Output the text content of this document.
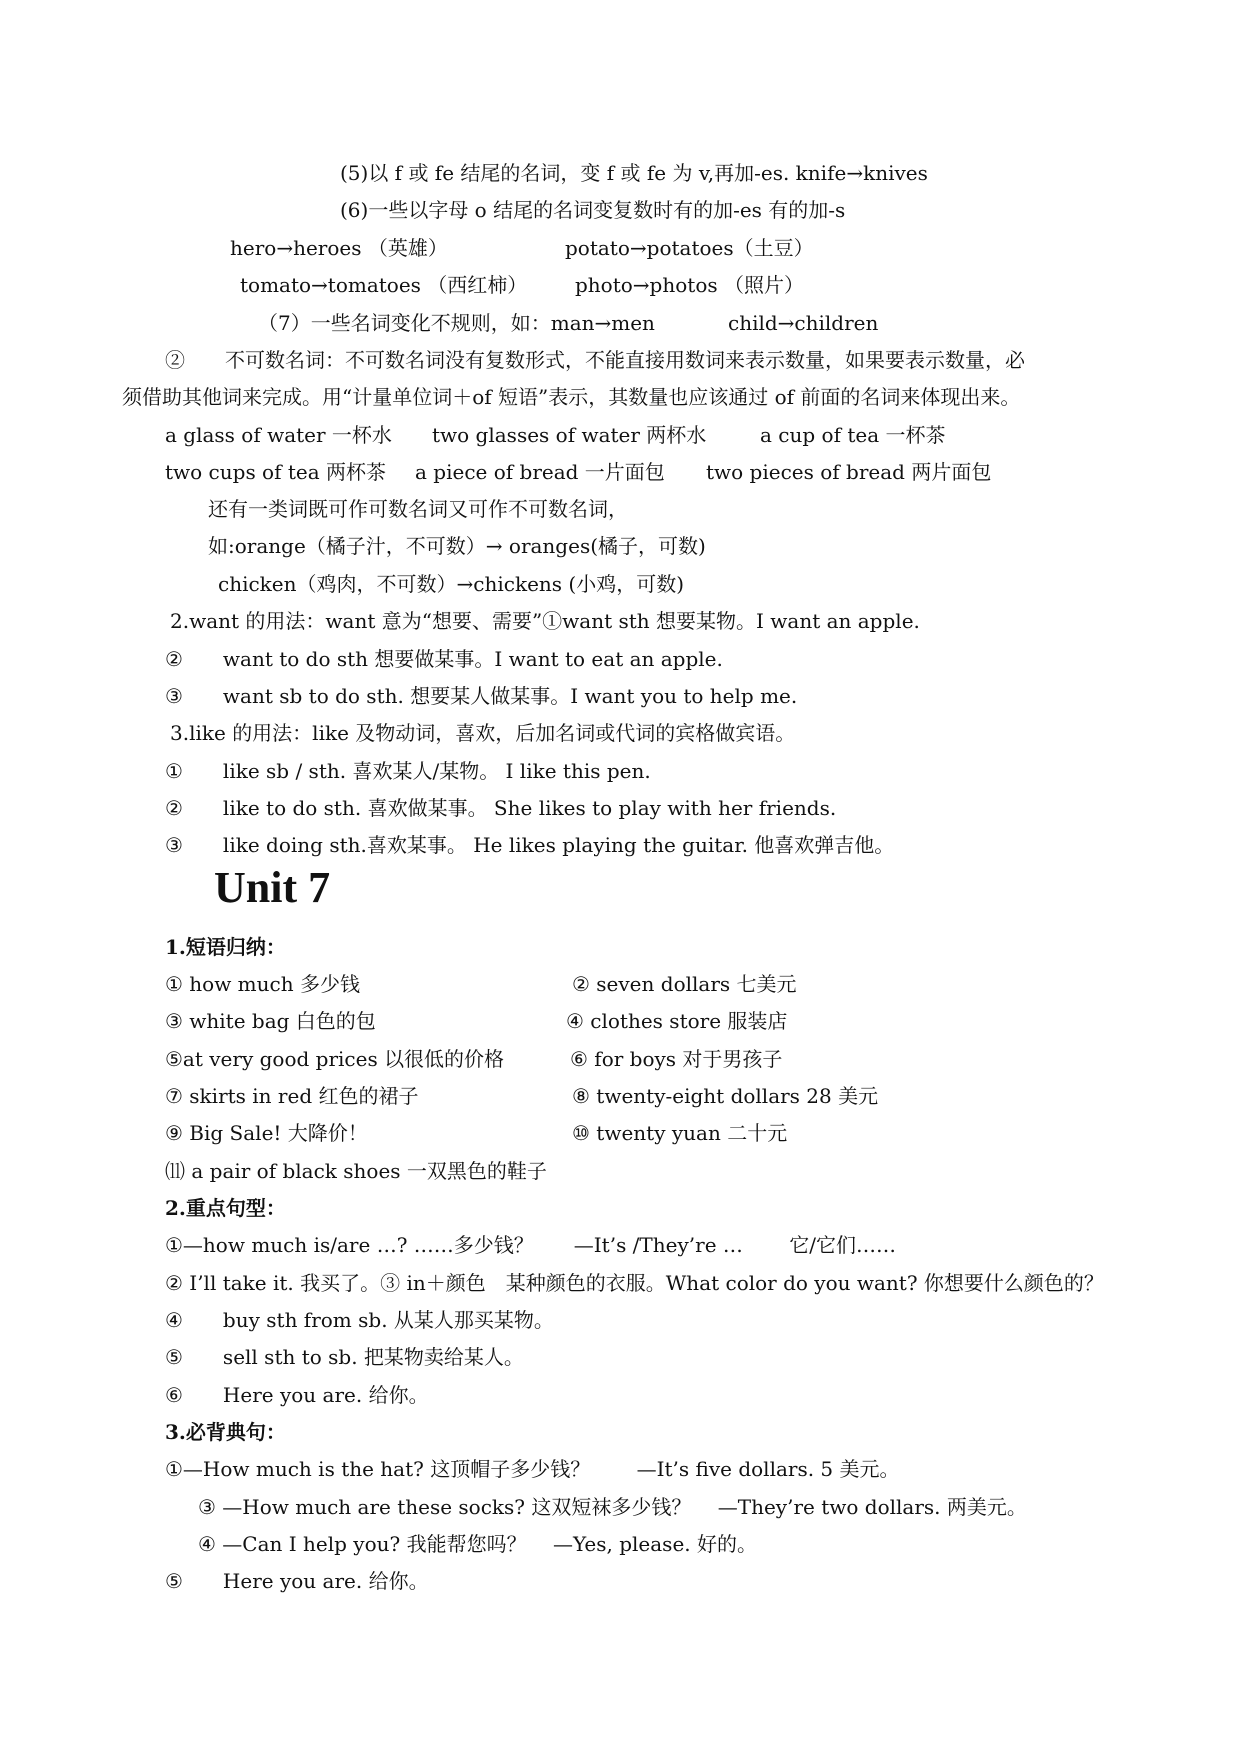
(5)以 f 或 fe 结尾的名词，变 f 或 fe 为 v,再加-es. knife→knives
(6)一些以字母 o 结尾的名词变复数时有的加-es 有的加-s
hero→heroes （英雄）	potato→potatoes（土豆）
tomato→tomatoes （西红柿） photo→photos （照片）
（7）一些名词变化不规则，如：man→men	child→children
②　　不可数名词：不可数名词没有复数形式，不能直接用数词来表示数量，如果要表示数量，必
须借助其他词来完成。用“计量单位词＋of 短语”表示，其数量也应该通过 of 前面的名词来体现出来。
a glass of water 一杯水 two glasses of water 两杯水	a cup of tea 一杯茶
two cups of tea 两杯茶 a piece of bread 一片面包 two pieces of bread 两片面包
还有一类词既可作可数名词又可作不可数名词，
如:orange（橘子汁，不可数）→ oranges(橘子，可数)
chicken（鸡肉，不可数）→chickens (小鸡，可数)
2.want 的用法：want 意为“想要、需要”①want sth 想要某物。I want an apple.
②　　want to do sth 想要做某事。I want to eat an apple.
③　　want sb to do sth. 想要某人做某事。I want you to help me.
3.like 的用法：like 及物动词，喜欢，后加名词或代词的宾格做宾语。
①　　like sb / sth. 喜欢某人/某物。 I like this pen.
②　　like to do sth. 喜欢做某事。 She likes to play with her friends.
③　　like doing sth.喜欢某事。 He likes playing the guitar. 他喜欢弹吉他。
Unit 7
1.短语归纳：
① how much 多少钱	② seven dollars 七美元
③ white bag 白色的包	④ clothes store 服装店
⑤at very good prices 以很低的价格	⑥ for boys 对于男孩子
⑦ skirts in red 红色的裙子	⑧ twenty-eight dollars 28 美元
⑨ Big Sale! 大降价！	⑩ twenty yuan 二十元
⑾ a pair of black shoes 一双黑色的鞋子
2.重点句型：
①—how much is/are …? ……多少钱？　　—It’s /They’re …　　 它/它们……
② I’ll take it. 我买了。③ in＋颜色　某种颜色的衣服。What color do you want? 你想要什么颜色的？
④　　buy sth from sb. 从某人那买某物。
⑤　　sell sth to sb. 把某物卖给某人。
⑥　　Here you are. 给你。
3.必背典句：
①—How much is the hat? 这顶帽子多少钱？　　 —It’s five dollars. 5 美元。
③ —How much are these socks? 这双短袜多少钱？　 —They’re two dollars. 两美元。
④ —Can I help you? 我能帮您吗？　 —Yes, please. 好的。
⑤　　Here you are. 给你。
